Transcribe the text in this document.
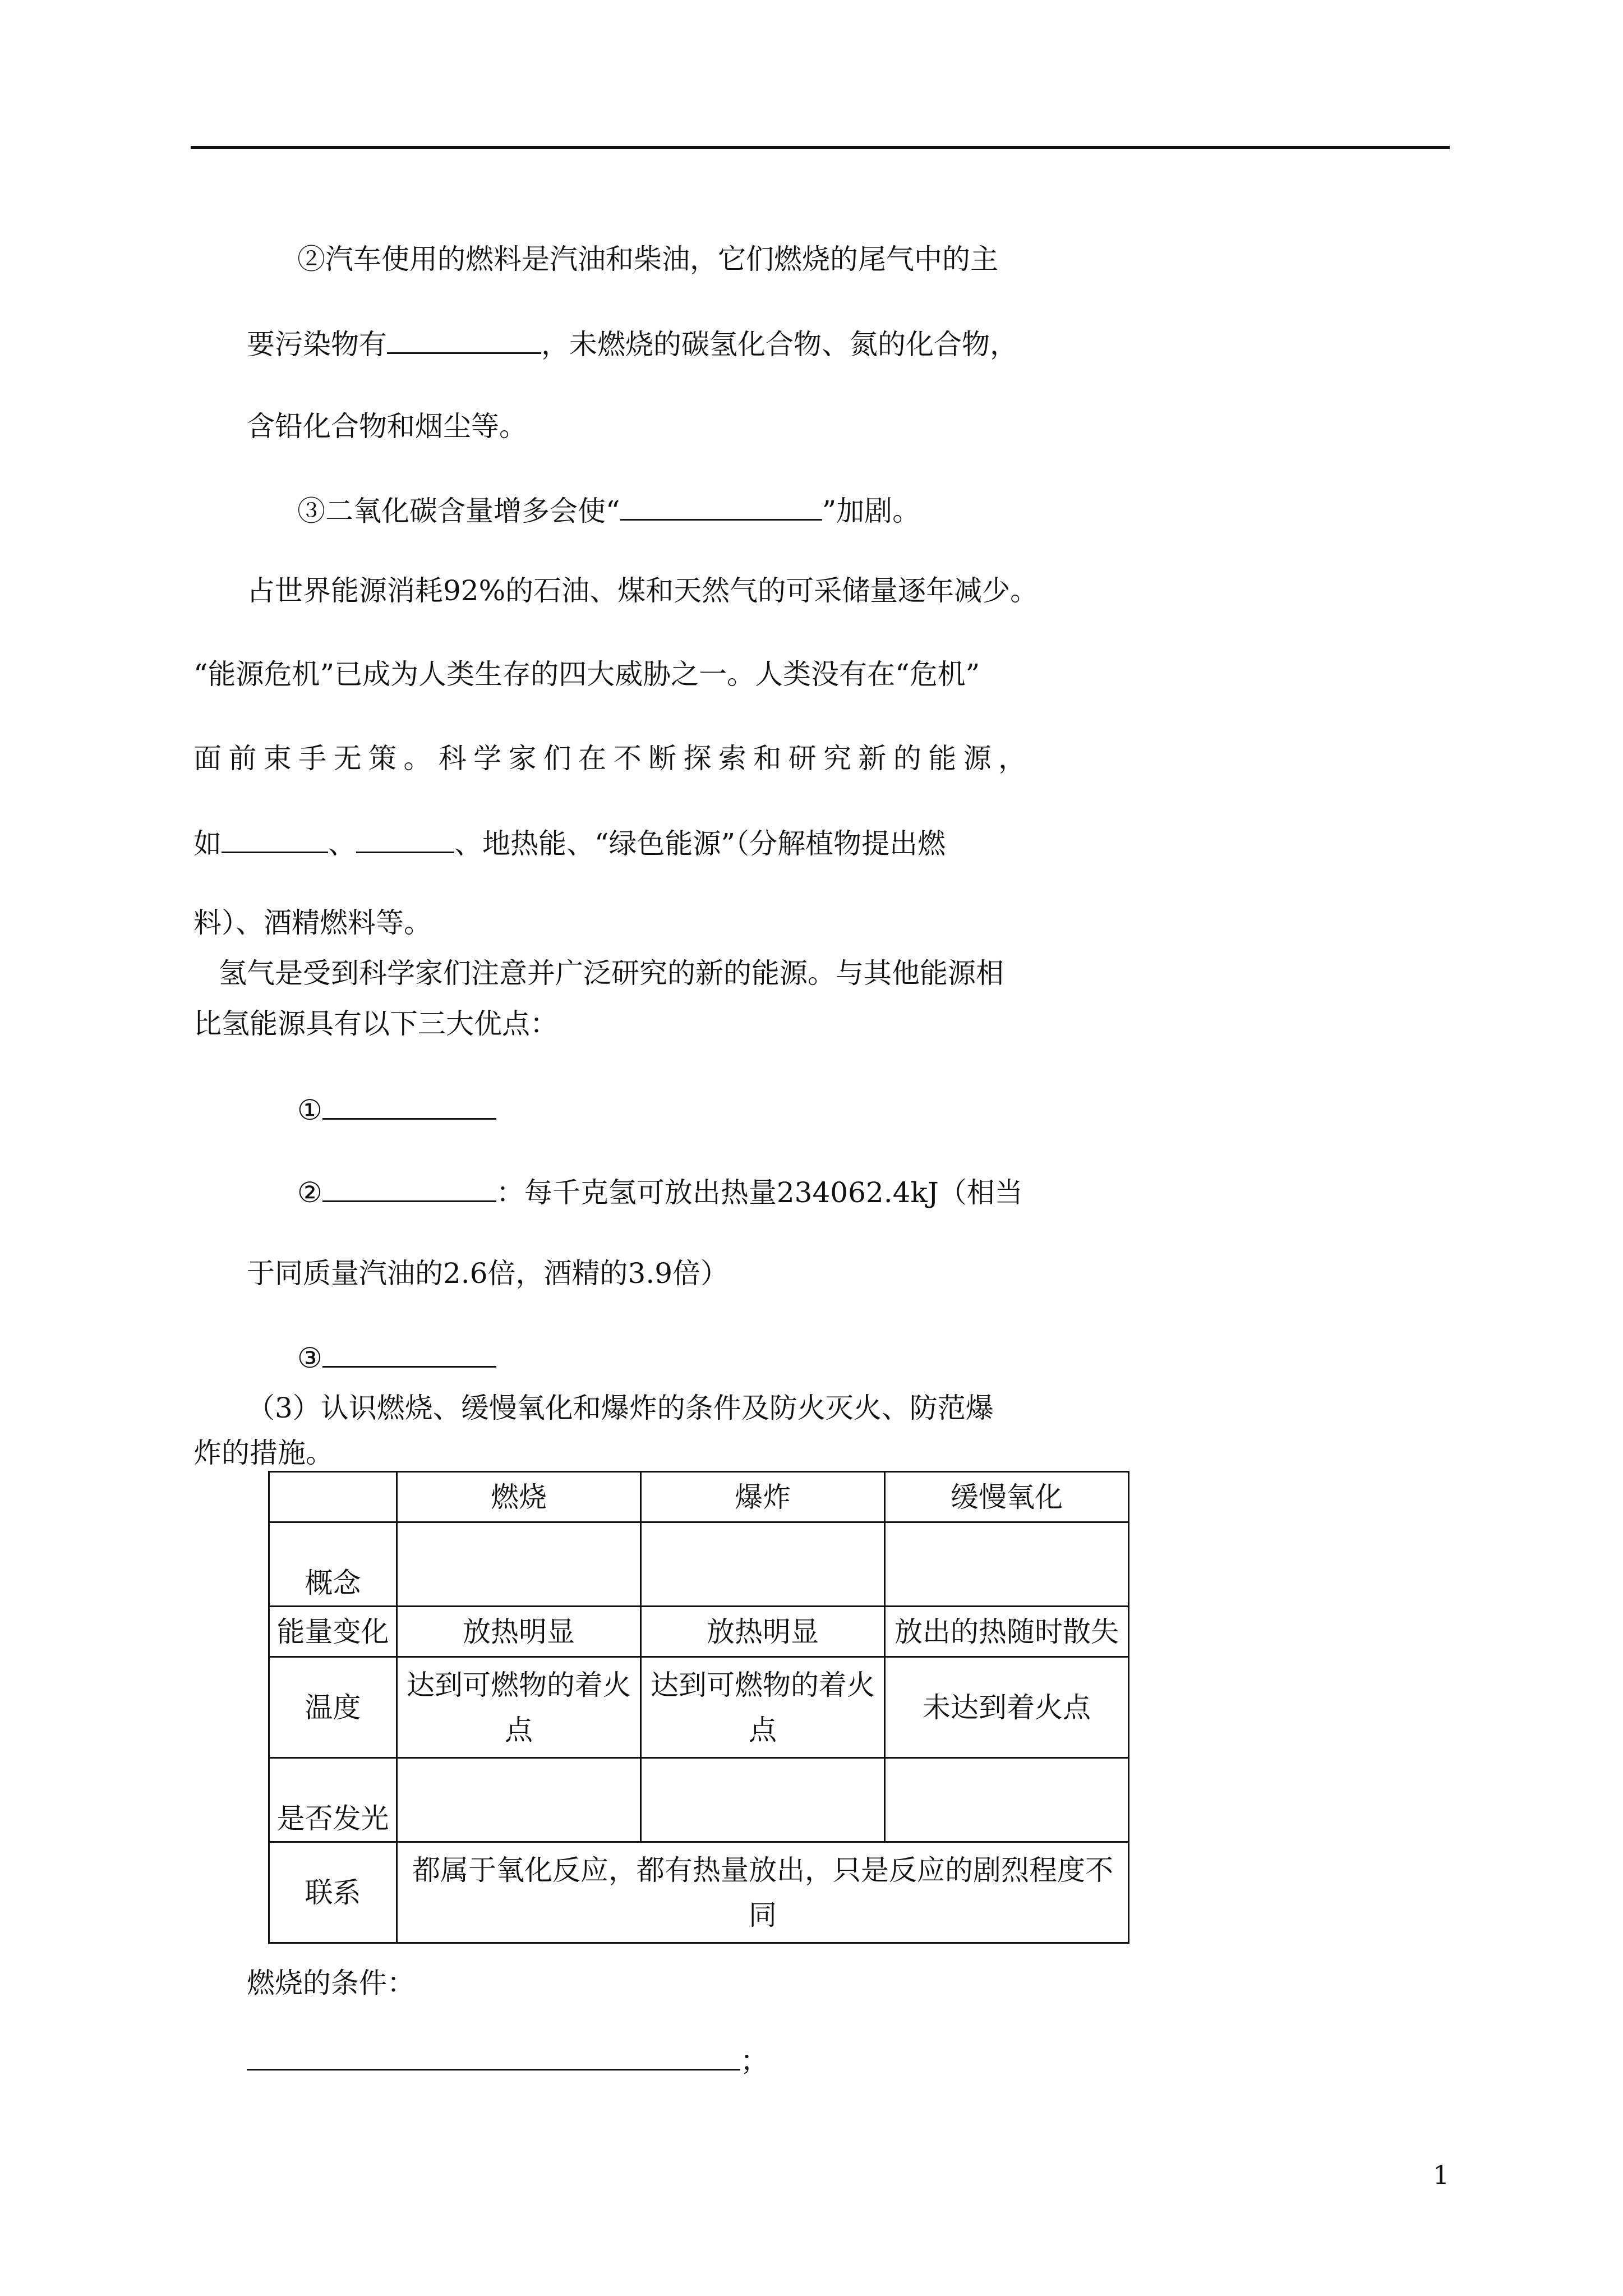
②汽车使用的燃料是汽油和柴油，它们燃烧的尾气中的主
要污染物有	，未燃烧的碳氢化合物、氮的化合物，
含铅化合物和烟尘等。
③二氧化碳含量增多会使“	”加剧。
占世界能源消耗92%的石油、煤和天然气的可采储量逐年减少。
“能源危机”已成为人类生存的四大威胁之一。人类没有在“危机”
面前束手无策。科学家们在不断探索和研究新的能源，
如	、	、地热能、“绿色能源”（分解植物提出燃
料）、酒精燃料等。
氢气是受到科学家们注意并广泛研究的新的能源。与其他能源相
比氢能源具有以下三大优点：
①
②	：每千克氢可放出热量234062.4kJ（相当
于同质量汽油的2.6倍，酒精的3.9倍）
③
（3）认识燃烧、缓慢氧化和爆炸的条件及防火灭火、防范爆
炸的措施。
	燃烧	爆炸	缓慢氧化
概念			
能量变化	放热明显	放热明显	放出的热随时散失
温度	达到可燃物的着火点	达到可燃物的着火点	未达到着火点
是否发光			
联系	都属于氧化反应，都有热量放出，只是反应的剧烈程度不同		
燃烧的条件：
；
1
